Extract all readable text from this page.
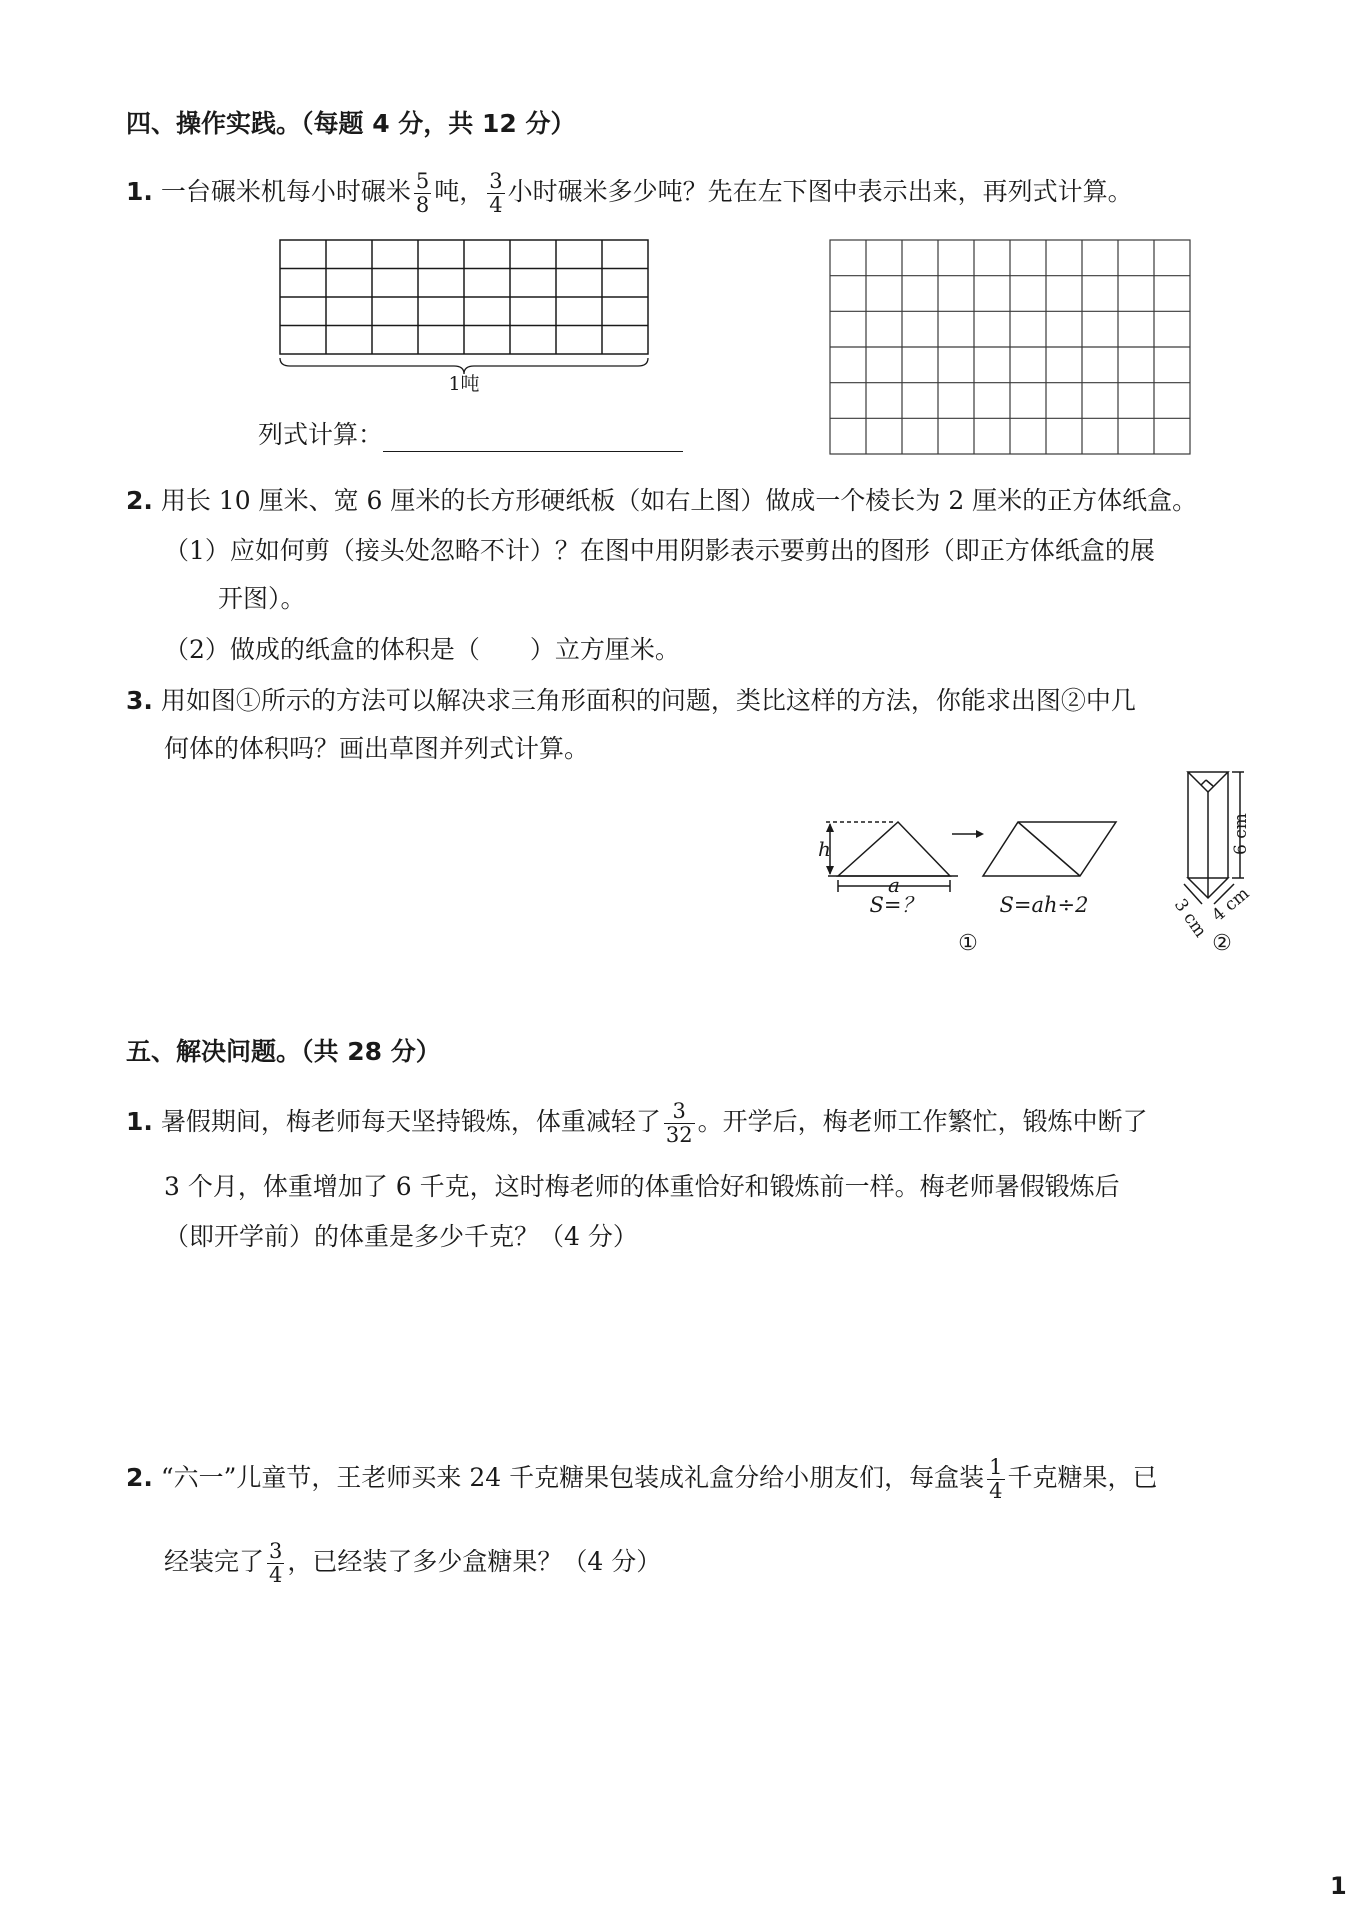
四、操作实践。（每题 4 分，共 12 分）
1. 一台碾米机每小时碾米 $\frac{5}{8}$ 吨， $\frac{3}{4}$ 小时碾米多少吨？先在左下图中表示出来，再列式计算。
1吨
列式计算：
2. 用长 10 厘米、宽 6 厘米的长方形硬纸板（如右上图）做成一个棱长为 2 厘米的正方体纸盒。
（1）应如何剪（接头处忽略不计）？在图中用阴影表示要剪出的图形（即正方体纸盒的展
开图）。
（2）做成的纸盒的体积是（　　）立方厘米。
3. 用如图①所示的方法可以解决求三角形面积的问题，类比这样的方法，你能求出图②中几
何体的体积吗？画出草图并列式计算。
h
a
S=？	S=ah÷2
①
6 cm
3 cm
4 cm
②
五、解决问题。（共 28 分）
1. 暑假期间，梅老师每天坚持锻炼，体重减轻了 $\frac{3}{32}$ 。开学后，梅老师工作繁忙，锻炼中断了
3 个月，体重增加了 6 千克，这时梅老师的体重恰好和锻炼前一样。梅老师暑假锻炼后
（即开学前）的体重是多少千克？（4 分）
2. “六一”儿童节，王老师买来 24 千克糖果包装成礼盒分给小朋友们，每盒装 $\frac{1}{4}$ 千克糖果，已
经装完了 $\frac{3}{4}$ ，已经装了多少盒糖果？（4 分）
1
